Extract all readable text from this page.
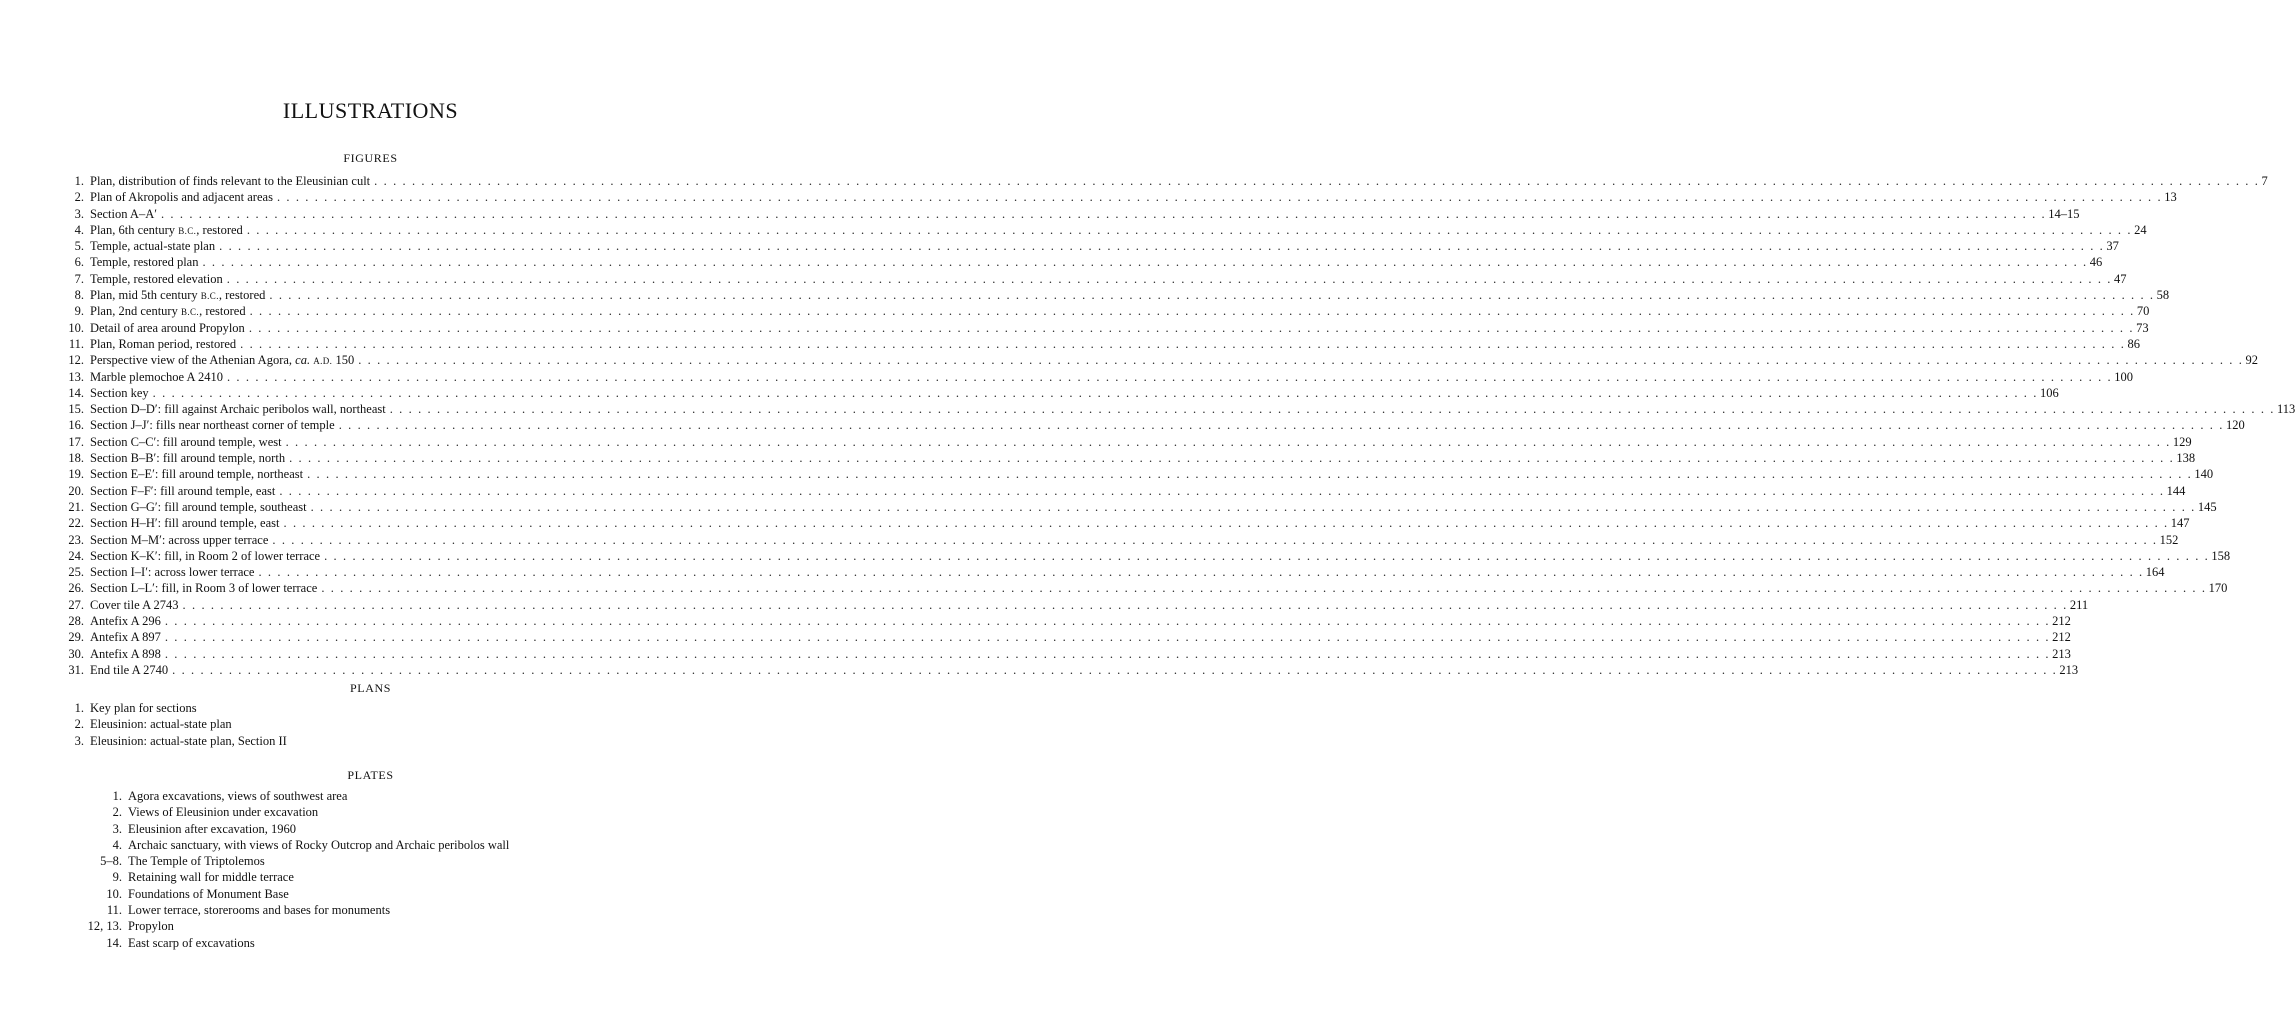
ILLUSTRATIONS
FIGURES
1. Plan, distribution of finds relevant to the Eleusinian cult . . . . . . . . . . . . . . . . . . . . . . . . . . . . . . . . . . . . . . . . . . . . . . . . . . . . . . . . . . . . . . . . . . . . . . . . . . . . . . . . . . . . . . . . . . . . . . . . . . . . . . . . . . . . . . . . . . . . . . . . . . . . . . . . . . . . . . . . . . . . . . . . . . . . . . . . . . . . . . . . . . . . . . . . . . . . . . . . . . . . . . . . . . . . . . . . . . . . . . . . 7
2. Plan of Akropolis and adjacent areas . . . . . . . . . . . . . . . . . . . . . . . . . . . . . . . . . . . . . . . . . . . . . . . . . . . . . . . . . . . . . . . . . . . . . . . . . . . . . . . . . . . . . . . . . . . . . . . . . . . . . . . . . . . . . . . . . . . . . . . . . . . . . . . . . . . . . . . . . . . . . . . . . . . . . . . . . . . . . . . . . . . . . . . . . . . . . . . . . . . . . . . . . . . . . . . . . . . . . . . . 13
3. Section A–A′ . . . . . . . . . . . . . . . . . . . . . . . . . . . . . . . . . . . . . . . . . . . . . . . . . . . . . . . . . . . . . . . . . . . . . . . . . . . . . . . . . . . . . . . . . . . . . . . . . . . . . . . . . . . . . . . . . . . . . . . . . . . . . . . . . . . . . . . . . . . . . . . . . . . . . . . . . . . . . . . . . . . . . . . . . . . . . . . . . . . . . . . . . . . . . . . . . . . . . . . . 14–15
4. Plan, 6th century B.C., restored . . . . . . . . . . . . . . . . . . . . . . . . . . . . . . . . . . . . . . . . . . . . . . . . . . . . . . . . . . . . . . . . . . . . . . . . . . . . . . . . . . . . . . . . . . . . . . . . . . . . . . . . . . . . . . . . . . . . . . . . . . . . . . . . . . . . . . . . . . . . . . . . . . . . . . . . . . . . . . . . . . . . . . . . . . . . . . . . . . . . . . . . . . . . . . . . . . . . . . . . 24
5. Temple, actual-state plan . . . . . . . . . . . . . . . . . . . . . . . . . . . . . . . . . . . . . . . . . . . . . . . . . . . . . . . . . . . . . . . . . . . . . . . . . . . . . . . . . . . . . . . . . . . . . . . . . . . . . . . . . . . . . . . . . . . . . . . . . . . . . . . . . . . . . . . . . . . . . . . . . . . . . . . . . . . . . . . . . . . . . . . . . . . . . . . . . . . . . . . . . . . . . . . . . . . . . . . . 37
6. Temple, restored plan . . . . . . . . . . . . . . . . . . . . . . . . . . . . . . . . . . . . . . . . . . . . . . . . . . . . . . . . . . . . . . . . . . . . . . . . . . . . . . . . . . . . . . . . . . . . . . . . . . . . . . . . . . . . . . . . . . . . . . . . . . . . . . . . . . . . . . . . . . . . . . . . . . . . . . . . . . . . . . . . . . . . . . . . . . . . . . . . . . . . . . . . . . . . . . . . . . . . . . . . 46
7. Temple, restored elevation . . . . . . . . . . . . . . . . . . . . . . . . . . . . . . . . . . . . . . . . . . . . . . . . . . . . . . . . . . . . . . . . . . . . . . . . . . . . . . . . . . . . . . . . . . . . . . . . . . . . . . . . . . . . . . . . . . . . . . . . . . . . . . . . . . . . . . . . . . . . . . . . . . . . . . . . . . . . . . . . . . . . . . . . . . . . . . . . . . . . . . . . . . . . . . . . . . . . . . . . 47
8. Plan, mid 5th century B.C., restored . . . . . . . . . . . . . . . . . . . . . . . . . . . . . . . . . . . . . . . . . . . . . . . . . . . . . . . . . . . . . . . . . . . . . . . . . . . . . . . . . . . . . . . . . . . . . . . . . . . . . . . . . . . . . . . . . . . . . . . . . . . . . . . . . . . . . . . . . . . . . . . . . . . . . . . . . . . . . . . . . . . . . . . . . . . . . . . . . . . . . . . . . . . . . . . . . . . . . . . . 58
9. Plan, 2nd century B.C., restored . . . . . . . . . . . . . . . . . . . . . . . . . . . . . . . . . . . . . . . . . . . . . . . . . . . . . . . . . . . . . . . . . . . . . . . . . . . . . . . . . . . . . . . . . . . . . . . . . . . . . . . . . . . . . . . . . . . . . . . . . . . . . . . . . . . . . . . . . . . . . . . . . . . . . . . . . . . . . . . . . . . . . . . . . . . . . . . . . . . . . . . . . . . . . . . . . . . . . . . . 70
10. Detail of area around Propylon . . . . . . . . . . . . . . . . . . . . . . . . . . . . . . . . . . . . . . . . . . . . . . . . . . . . . . . . . . . . . . . . . . . . . . . . . . . . . . . . . . . . . . . . . . . . . . . . . . . . . . . . . . . . . . . . . . . . . . . . . . . . . . . . . . . . . . . . . . . . . . . . . . . . . . . . . . . . . . . . . . . . . . . . . . . . . . . . . . . . . . . . . . . . . . . . . . . . . . . . 73
11. Plan, Roman period, restored . . . . . . . . . . . . . . . . . . . . . . . . . . . . . . . . . . . . . . . . . . . . . . . . . . . . . . . . . . . . . . . . . . . . . . . . . . . . . . . . . . . . . . . . . . . . . . . . . . . . . . . . . . . . . . . . . . . . . . . . . . . . . . . . . . . . . . . . . . . . . . . . . . . . . . . . . . . . . . . . . . . . . . . . . . . . . . . . . . . . . . . . . . . . . . . . . . . . . . . . 86
12. Perspective view of the Athenian Agora, ca. A.D. 150 . . . . . . . . . . . . . . . . . . . . . . . . . . . . . . . . . . . . . . . . . . . . . . . . . . . . . . . . . . . . . . . . . . . . . . . . . . . . . . . . . . . . . . . . . . . . . . . . . . . . . . . . . . . . . . . . . . . . . . . . . . . . . . . . . . . . . . . . . . . . . . . . . . . . . . . . . . . . . . . . . . . . . . . . . . . . . . . . . . . . . . . . . . . . . . . . . . . . . . . . 92
13. Marble plemochoe A 2410 . . . . . . . . . . . . . . . . . . . . . . . . . . . . . . . . . . . . . . . . . . . . . . . . . . . . . . . . . . . . . . . . . . . . . . . . . . . . . . . . . . . . . . . . . . . . . . . . . . . . . . . . . . . . . . . . . . . . . . . . . . . . . . . . . . . . . . . . . . . . . . . . . . . . . . . . . . . . . . . . . . . . . . . . . . . . . . . . . . . . . . . . . . . . . . . . . . . . . . . . 100
14. Section key . . . . . . . . . . . . . . . . . . . . . . . . . . . . . . . . . . . . . . . . . . . . . . . . . . . . . . . . . . . . . . . . . . . . . . . . . . . . . . . . . . . . . . . . . . . . . . . . . . . . . . . . . . . . . . . . . . . . . . . . . . . . . . . . . . . . . . . . . . . . . . . . . . . . . . . . . . . . . . . . . . . . . . . . . . . . . . . . . . . . . . . . . . . . . . . . . . . . . . . . 106
15. Section D–D′: fill against Archaic peribolos wall, northeast . . . . . . . . . . . . . . . . . . . . . . . . . . . . . . . . . . . . . . . . . . . . . . . . . . . . . . . . . . . . . . . . . . . . . . . . . . . . . . . . . . . . . . . . . . . . . . . . . . . . . . . . . . . . . . . . . . . . . . . . . . . . . . . . . . . . . . . . . . . . . . . . . . . . . . . . . . . . . . . . . . . . . . . . . . . . . . . . . . . . . . . . . . . . . . . . . . . . . . . . 113
16. Section J–J′: fills near northeast corner of temple . . . . . . . . . . . . . . . . . . . . . . . . . . . . . . . . . . . . . . . . . . . . . . . . . . . . . . . . . . . . . . . . . . . . . . . . . . . . . . . . . . . . . . . . . . . . . . . . . . . . . . . . . . . . . . . . . . . . . . . . . . . . . . . . . . . . . . . . . . . . . . . . . . . . . . . . . . . . . . . . . . . . . . . . . . . . . . . . . . . . . . . . . . . . . . . . . . . . . . . . 120
17. Section C–C′: fill around temple, west . . . . . . . . . . . . . . . . . . . . . . . . . . . . . . . . . . . . . . . . . . . . . . . . . . . . . . . . . . . . . . . . . . . . . . . . . . . . . . . . . . . . . . . . . . . . . . . . . . . . . . . . . . . . . . . . . . . . . . . . . . . . . . . . . . . . . . . . . . . . . . . . . . . . . . . . . . . . . . . . . . . . . . . . . . . . . . . . . . . . . . . . . . . . . . . . . . . . . . . . 129
18. Section B–B′: fill around temple, north . . . . . . . . . . . . . . . . . . . . . . . . . . . . . . . . . . . . . . . . . . . . . . . . . . . . . . . . . . . . . . . . . . . . . . . . . . . . . . . . . . . . . . . . . . . . . . . . . . . . . . . . . . . . . . . . . . . . . . . . . . . . . . . . . . . . . . . . . . . . . . . . . . . . . . . . . . . . . . . . . . . . . . . . . . . . . . . . . . . . . . . . . . . . . . . . . . . . . . . . 138
19. Section E–E′: fill around temple, northeast . . . . . . . . . . . . . . . . . . . . . . . . . . . . . . . . . . . . . . . . . . . . . . . . . . . . . . . . . . . . . . . . . . . . . . . . . . . . . . . . . . . . . . . . . . . . . . . . . . . . . . . . . . . . . . . . . . . . . . . . . . . . . . . . . . . . . . . . . . . . . . . . . . . . . . . . . . . . . . . . . . . . . . . . . . . . . . . . . . . . . . . . . . . . . . . . . . . . . . . . 140
20. Section F–F′: fill around temple, east . . . . . . . . . . . . . . . . . . . . . . . . . . . . . . . . . . . . . . . . . . . . . . . . . . . . . . . . . . . . . . . . . . . . . . . . . . . . . . . . . . . . . . . . . . . . . . . . . . . . . . . . . . . . . . . . . . . . . . . . . . . . . . . . . . . . . . . . . . . . . . . . . . . . . . . . . . . . . . . . . . . . . . . . . . . . . . . . . . . . . . . . . . . . . . . . . . . . . . . . 144
21. Section G–G′: fill around temple, southeast . . . . . . . . . . . . . . . . . . . . . . . . . . . . . . . . . . . . . . . . . . . . . . . . . . . . . . . . . . . . . . . . . . . . . . . . . . . . . . . . . . . . . . . . . . . . . . . . . . . . . . . . . . . . . . . . . . . . . . . . . . . . . . . . . . . . . . . . . . . . . . . . . . . . . . . . . . . . . . . . . . . . . . . . . . . . . . . . . . . . . . . . . . . . . . . . . . . . . . . . 145
22. Section H–H′: fill around temple, east . . . . . . . . . . . . . . . . . . . . . . . . . . . . . . . . . . . . . . . . . . . . . . . . . . . . . . . . . . . . . . . . . . . . . . . . . . . . . . . . . . . . . . . . . . . . . . . . . . . . . . . . . . . . . . . . . . . . . . . . . . . . . . . . . . . . . . . . . . . . . . . . . . . . . . . . . . . . . . . . . . . . . . . . . . . . . . . . . . . . . . . . . . . . . . . . . . . . . . . . 147
23. Section M–M′: across upper terrace . . . . . . . . . . . . . . . . . . . . . . . . . . . . . . . . . . . . . . . . . . . . . . . . . . . . . . . . . . . . . . . . . . . . . . . . . . . . . . . . . . . . . . . . . . . . . . . . . . . . . . . . . . . . . . . . . . . . . . . . . . . . . . . . . . . . . . . . . . . . . . . . . . . . . . . . . . . . . . . . . . . . . . . . . . . . . . . . . . . . . . . . . . . . . . . . . . . . . . . . 152
24. Section K–K′: fill, in Room 2 of lower terrace . . . . . . . . . . . . . . . . . . . . . . . . . . . . . . . . . . . . . . . . . . . . . . . . . . . . . . . . . . . . . . . . . . . . . . . . . . . . . . . . . . . . . . . . . . . . . . . . . . . . . . . . . . . . . . . . . . . . . . . . . . . . . . . . . . . . . . . . . . . . . . . . . . . . . . . . . . . . . . . . . . . . . . . . . . . . . . . . . . . . . . . . . . . . . . . . . . . . . . . . 158
25. Section I–I′: across lower terrace . . . . . . . . . . . . . . . . . . . . . . . . . . . . . . . . . . . . . . . . . . . . . . . . . . . . . . . . . . . . . . . . . . . . . . . . . . . . . . . . . . . . . . . . . . . . . . . . . . . . . . . . . . . . . . . . . . . . . . . . . . . . . . . . . . . . . . . . . . . . . . . . . . . . . . . . . . . . . . . . . . . . . . . . . . . . . . . . . . . . . . . . . . . . . . . . . . . . . . . . 164
26. Section L–L′: fill, in Room 3 of lower terrace . . . . . . . . . . . . . . . . . . . . . . . . . . . . . . . . . . . . . . . . . . . . . . . . . . . . . . . . . . . . . . . . . . . . . . . . . . . . . . . . . . . . . . . . . . . . . . . . . . . . . . . . . . . . . . . . . . . . . . . . . . . . . . . . . . . . . . . . . . . . . . . . . . . . . . . . . . . . . . . . . . . . . . . . . . . . . . . . . . . . . . . . . . . . . . . . . . . . . . . . 170
27. Cover tile A 2743 . . . . . . . . . . . . . . . . . . . . . . . . . . . . . . . . . . . . . . . . . . . . . . . . . . . . . . . . . . . . . . . . . . . . . . . . . . . . . . . . . . . . . . . . . . . . . . . . . . . . . . . . . . . . . . . . . . . . . . . . . . . . . . . . . . . . . . . . . . . . . . . . . . . . . . . . . . . . . . . . . . . . . . . . . . . . . . . . . . . . . . . . . . . . . . . . . . . . . . . . 211
28. Antefix A 296 . . . . . . . . . . . . . . . . . . . . . . . . . . . . . . . . . . . . . . . . . . . . . . . . . . . . . . . . . . . . . . . . . . . . . . . . . . . . . . . . . . . . . . . . . . . . . . . . . . . . . . . . . . . . . . . . . . . . . . . . . . . . . . . . . . . . . . . . . . . . . . . . . . . . . . . . . . . . . . . . . . . . . . . . . . . . . . . . . . . . . . . . . . . . . . . . . . . . . . . . 212
29. Antefix A 897 . . . . . . . . . . . . . . . . . . . . . . . . . . . . . . . . . . . . . . . . . . . . . . . . . . . . . . . . . . . . . . . . . . . . . . . . . . . . . . . . . . . . . . . . . . . . . . . . . . . . . . . . . . . . . . . . . . . . . . . . . . . . . . . . . . . . . . . . . . . . . . . . . . . . . . . . . . . . . . . . . . . . . . . . . . . . . . . . . . . . . . . . . . . . . . . . . . . . . . . . 212
30. Antefix A 898 . . . . . . . . . . . . . . . . . . . . . . . . . . . . . . . . . . . . . . . . . . . . . . . . . . . . . . . . . . . . . . . . . . . . . . . . . . . . . . . . . . . . . . . . . . . . . . . . . . . . . . . . . . . . . . . . . . . . . . . . . . . . . . . . . . . . . . . . . . . . . . . . . . . . . . . . . . . . . . . . . . . . . . . . . . . . . . . . . . . . . . . . . . . . . . . . . . . . . . . . 213
31. End tile A 2740 . . . . . . . . . . . . . . . . . . . . . . . . . . . . . . . . . . . . . . . . . . . . . . . . . . . . . . . . . . . . . . . . . . . . . . . . . . . . . . . . . . . . . . . . . . . . . . . . . . . . . . . . . . . . . . . . . . . . . . . . . . . . . . . . . . . . . . . . . . . . . . . . . . . . . . . . . . . . . . . . . . . . . . . . . . . . . . . . . . . . . . . . . . . . . . . . . . . . . . . . 213
PLANS
1. Key plan for sections
2. Eleusinion: actual-state plan
3. Eleusinion: actual-state plan, Section II
PLATES
1. Agora excavations, views of southwest area
2. Views of Eleusinion under excavation
3. Eleusinion after excavation, 1960
4. Archaic sanctuary, with views of Rocky Outcrop and Archaic peribolos wall
5–8. The Temple of Triptolemos
9. Retaining wall for middle terrace
10. Foundations of Monument Base
11. Lower terrace, storerooms and bases for monuments
12, 13. Propylon
14. East scarp of excavations
